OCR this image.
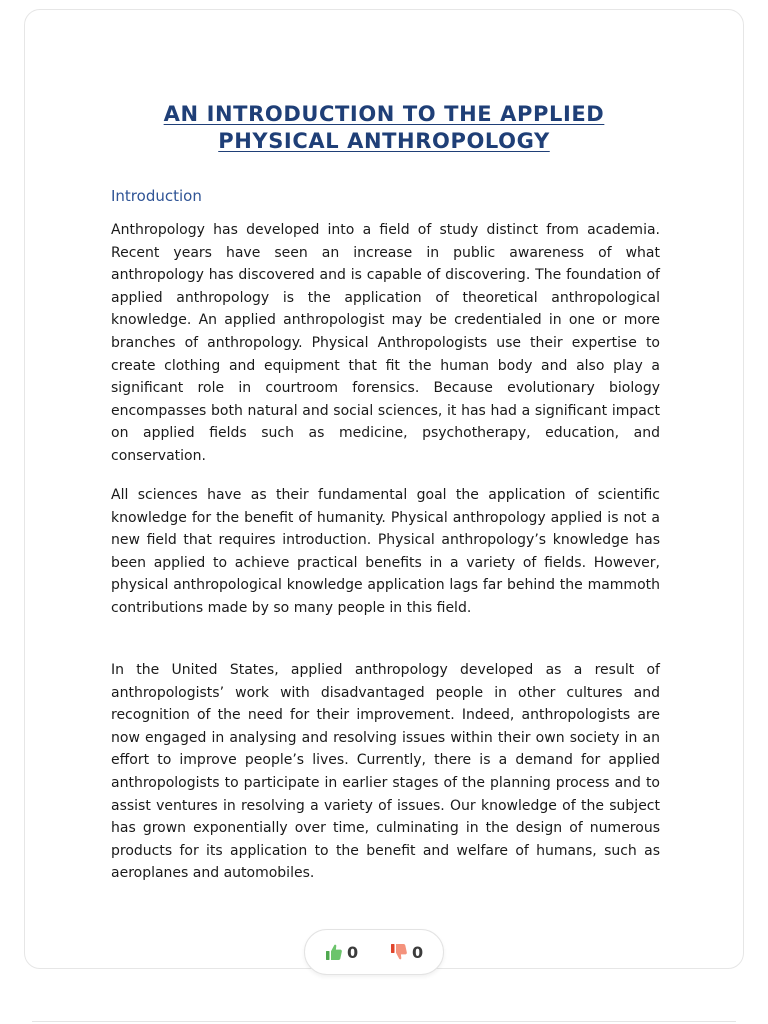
AN INTRODUCTION TO THE APPLIED
PHYSICAL ANTHROPOLOGY
Introduction

Anthropology has developed into a field of study distinct from academia. Recent years have seen an increase in public awareness of what anthropology has discovered and is capable of discovering. The foundation of applied anthropology is the application of theoretical anthropological knowledge. An applied anthropologist may be credentialed in one or more branches of anthropology. Physical Anthropologists use their expertise to create clothing and equipment that fit the human body and also play a significant role in courtroom forensics. Because evolutionary biology encompasses both natural and social sciences, it has had a significant impact on applied fields such as medicine, psychotherapy, education, and conservation.

All sciences have as their fundamental goal the application of scientific knowledge for the benefit of humanity. Physical anthropology applied is not a new field that requires introduction. Physical anthropology’s knowledge has been applied to achieve practical benefits in a variety of fields. However, physical anthropological knowledge application lags far behind the mammoth contributions made by so many people in this field.

In the United States, applied anthropology developed as a result of anthropologists’ work with disadvantaged people in other cultures and recognition of the need for their improvement. Indeed, anthropologists are now engaged in analysing and resolving issues within their own society in an effort to improve people’s lives. Currently, there is a demand for applied anthropologists to participate in earlier stages of the planning process and to assist ventures in resolving a variety of issues. Our knowledge of the subject has grown exponentially over time, culminating in the design of numerous products for its application to the benefit and welfare of humans, such as aeroplanes and automobiles.

0	0
